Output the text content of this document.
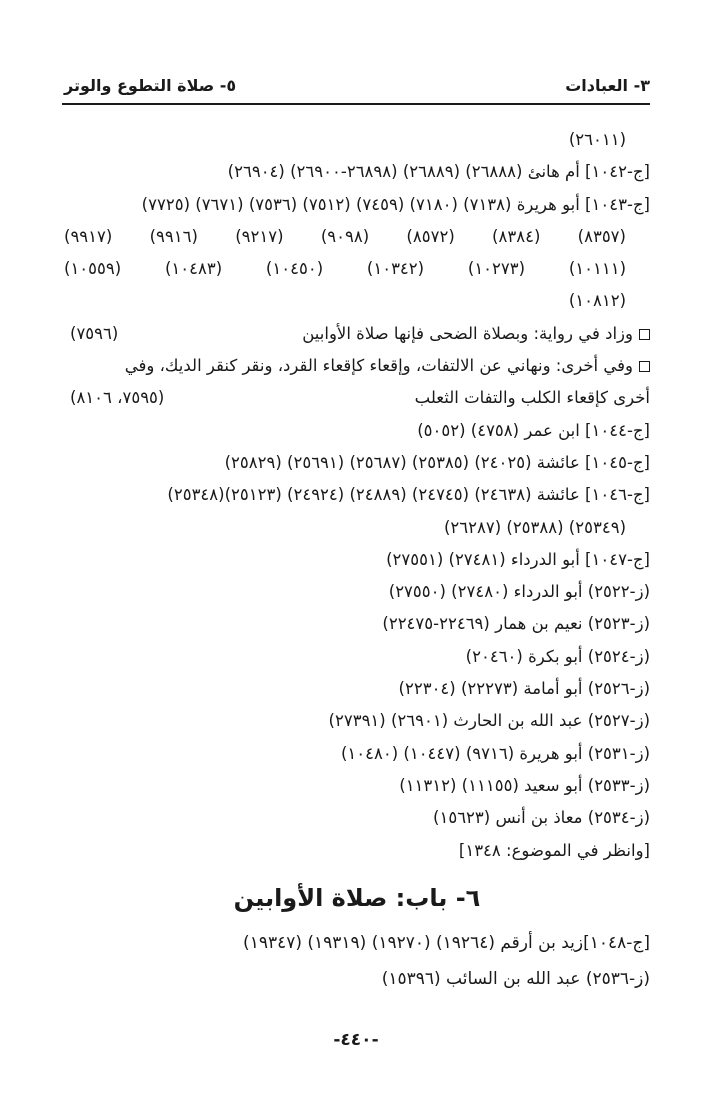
٣- العبادات
٥- صلاة التطوع والوتر
(٢٦٠١١)
[ج-١٠٤٢] أم هانئ (٢٦٨٨٨) (٢٦٨٨٩) (٢٦٨٩٨-٢٦٩٠٠) (٢٦٩٠٤)
[ج-١٠٤٣] أبو هريرة (٧١٣٨) (٧١٨٠) (٧٤٥٩) (٧٥١٢) (٧٥٣٦) (٧٦٧١) (٧٧٢٥)
(٨٣٥٧) (٨٣٨٤) (٨٥٧٢) (٩٠٩٨) (٩٢١٧) (٩٩١٦) (٩٩١٧)
(١٠١١١) (١٠٢٧٣) (١٠٣٤٢) (١٠٤٥٠) (١٠٤٨٣) (١٠٥٥٩)
(١٠٨١٢)
وزاد في رواية: وبصلاة الضحى فإنها صلاة الأوابين
(٧٥٩٦)
وفي أخرى: ونهاني عن الالتفات، وإقعاء كإقعاء القرد، ونقر كنقر الديك، وفي
أخرى كإقعاء الكلب والتفات الثعلب
(٧٥٩٥، ٨١٠٦)
[ج-١٠٤٤] ابن عمر (٤٧٥٨) (٥٠٥٢)
[ج-١٠٤٥] عائشة (٢٤٠٢٥) (٢٥٣٨٥) (٢٥٦٨٧) (٢٥٦٩١) (٢٥٨٢٩)
[ج-١٠٤٦] عائشة (٢٤٦٣٨) (٢٤٧٤٥) (٢٤٨٨٩) (٢٤٩٢٤) (٢٥١٢٣)(٢٥٣٤٨)
(٢٥٣٤٩) (٢٥٣٨٨) (٢٦٢٨٧)
[ج-١٠٤٧] أبو الدرداء (٢٧٤٨١) (٢٧٥٥١)
(ز-٢٥٢٢) أبو الدرداء (٢٧٤٨٠) (٢٧٥٥٠)
(ز-٢٥٢٣) نعيم بن همار (٢٢٤٦٩-٢٢٤٧٥)
(ز-٢٥٢٤) أبو بكرة (٢٠٤٦٠)
(ز-٢٥٢٦) أبو أمامة (٢٢٢٧٣) (٢٢٣٠٤)
(ز-٢٥٢٧) عبد الله بن الحارث (٢٦٩٠١) (٢٧٣٩١)
(ز-٢٥٣١) أبو هريرة (٩٧١٦) (١٠٤٤٧) (١٠٤٨٠)
(ز-٢٥٣٣) أبو سعيد (١١١٥٥) (١١٣١٢)
(ز-٢٥٣٤) معاذ بن أنس (١٥٦٢٣)
[وانظر في الموضوع: ١٣٤٨]
٦- باب: صلاة الأوابين
[ج-١٠٤٨]زيد بن أرقم (١٩٢٦٤) (١٩٢٧٠) (١٩٣١٩) (١٩٣٤٧)
(ز-٢٥٣٦) عبد الله بن السائب (١٥٣٩٦)
-٤٤٠-
